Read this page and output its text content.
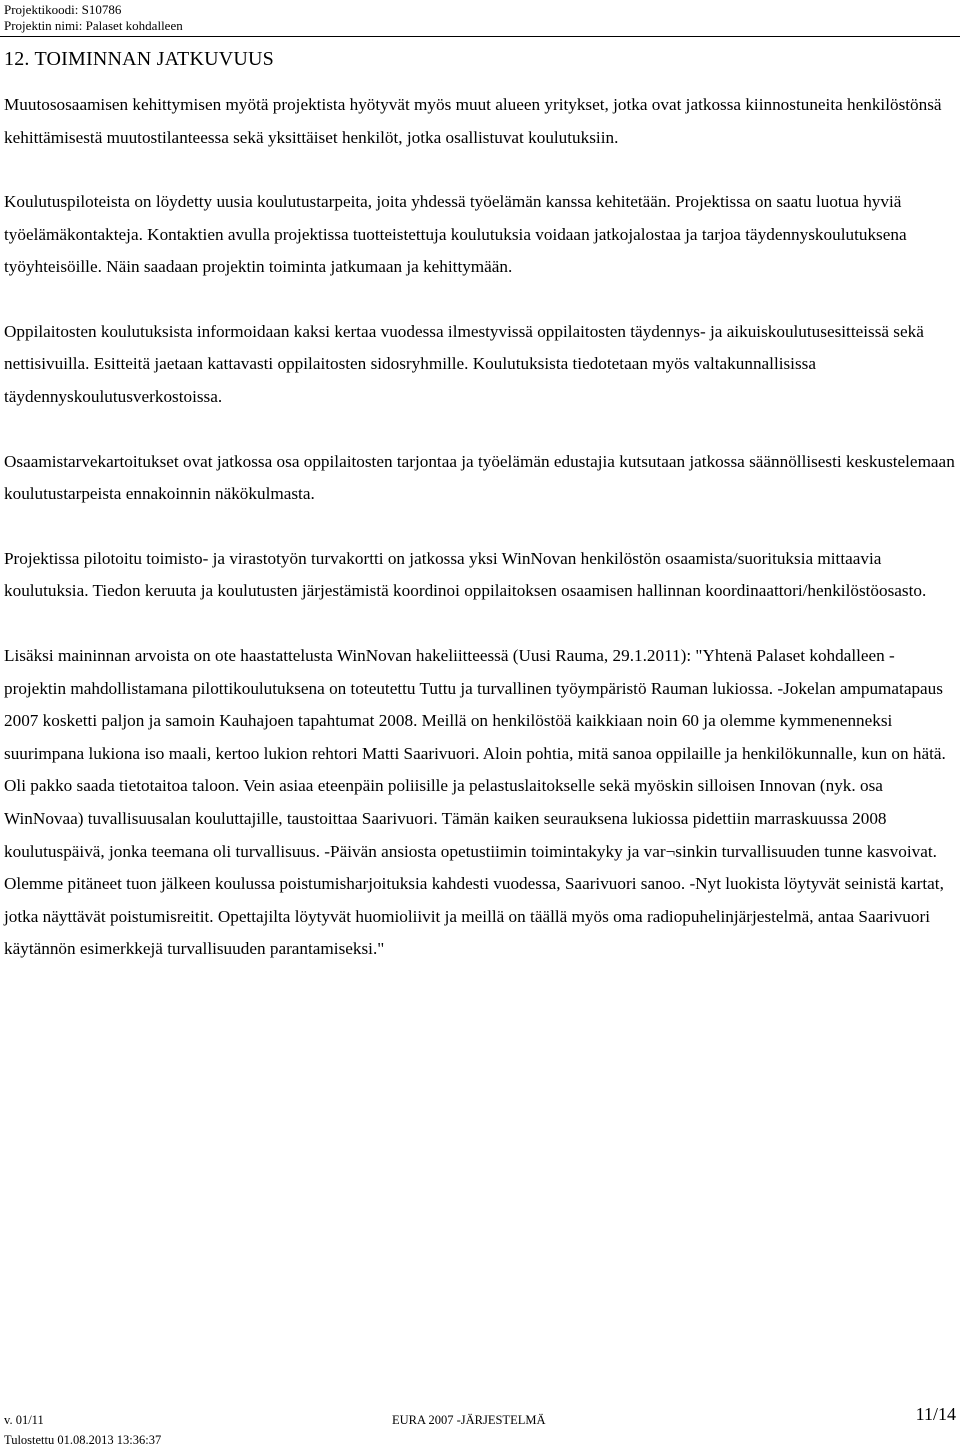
Projektikoodi: S10786
Projektin nimi: Palaset kohdalleen
12. TOIMINNAN JATKUVUUS

Muutososaamisen kehittymisen myötä projektista hyötyvät myös muut alueen yritykset, jotka ovat jatkossa kiinnostuneita henkilöstönsä kehittämisestä muutostilanteessa sekä yksittäiset henkilöt, jotka osallistuvat koulutuksiin.

Koulutuspiloteista on löydetty uusia koulutustarpeita, joita yhdessä työelämän kanssa kehitetään. Projektissa on saatu luotua hyviä työelämäkontakteja. Kontaktien avulla projektissa tuotteistettuja koulutuksia voidaan jatkojalostaa ja tarjoa täydennyskoulutuksena työyhteisöille. Näin saadaan projektin toiminta jatkumaan ja kehittymään.

Oppilaitosten koulutuksista informoidaan kaksi kertaa vuodessa ilmestyvissä oppilaitosten täydennys- ja aikuiskoulutusesitteissä sekä nettisivuilla. Esitteitä jaetaan kattavasti oppilaitosten sidosryhmille. Koulutuksista tiedotetaan myös valtakunnallisissa täydennyskoulutusverkostoissa.

Osaamistarvekartoitukset ovat jatkossa osa oppilaitosten tarjontaa ja työelämän edustajia kutsutaan jatkossa säännöllisesti keskustelemaan koulutustarpeista ennakoinnin näkökulmasta.

Projektissa pilotoitu toimisto- ja virastotyön turvakortti on jatkossa yksi WinNovan henkilöstön osaamista/suorituksia mittaavia koulutuksia. Tiedon keruuta ja koulutusten järjestämistä koordinoi oppilaitoksen osaamisen hallinnan koordinaattori/henkilöstöosasto.

Lisäksi maininnan arvoista on ote haastattelusta WinNovan hakeliitteessä (Uusi Rauma, 29.1.2011): "Yhtenä Palaset kohdalleen -projektin mahdollistamana pilottikoulutuksena on toteutettu Tuttu ja turvallinen työympäristö Rauman lukiossa. -Jokelan ampumatapaus 2007 kosketti paljon ja samoin Kauhajoen tapahtumat 2008. Meillä on henkilöstöä kaikkiaan noin 60 ja olemme kymmenenneksi suurimpana lukiona iso maali, kertoo lukion rehtori Matti Saarivuori. Aloin pohtia, mitä sanoa oppilaille ja henkilökunnalle, kun on hätä. Oli pakko saada tietotaitoa taloon. Vein asiaa eteenpäin poliisille ja pelastuslaitokselle sekä myöskin silloisen Innovan (nyk. osa WinNovaa) tuvallisuusalan kouluttajille, taustoittaa Saarivuori. Tämän kaiken seurauksena lukiossa pidettiin marraskuussa 2008 koulutuspäivä, jonka teemana oli turvallisuus. -Päivän ansiosta opetustiimin toimintakyky ja var¬sinkin turvallisuuden tunne kasvoivat. Olemme pitäneet tuon jälkeen koulussa poistumisharjoituksia kahdesti vuodessa, Saarivuori sanoo. -Nyt luokista löytyvät seinistä kartat, jotka näyttävät poistumisreitit. Opettajilta löytyvät huomioliivit ja meillä on täällä myös oma radiopuhelinjärjestelmä, antaa Saarivuori käytännön esimerkkejä turvallisuuden parantamiseksi."

v. 01/11	EURA 2007 -JÄRJESTELMÄ	11/14
Tulostettu 01.08.2013 13:36:37
